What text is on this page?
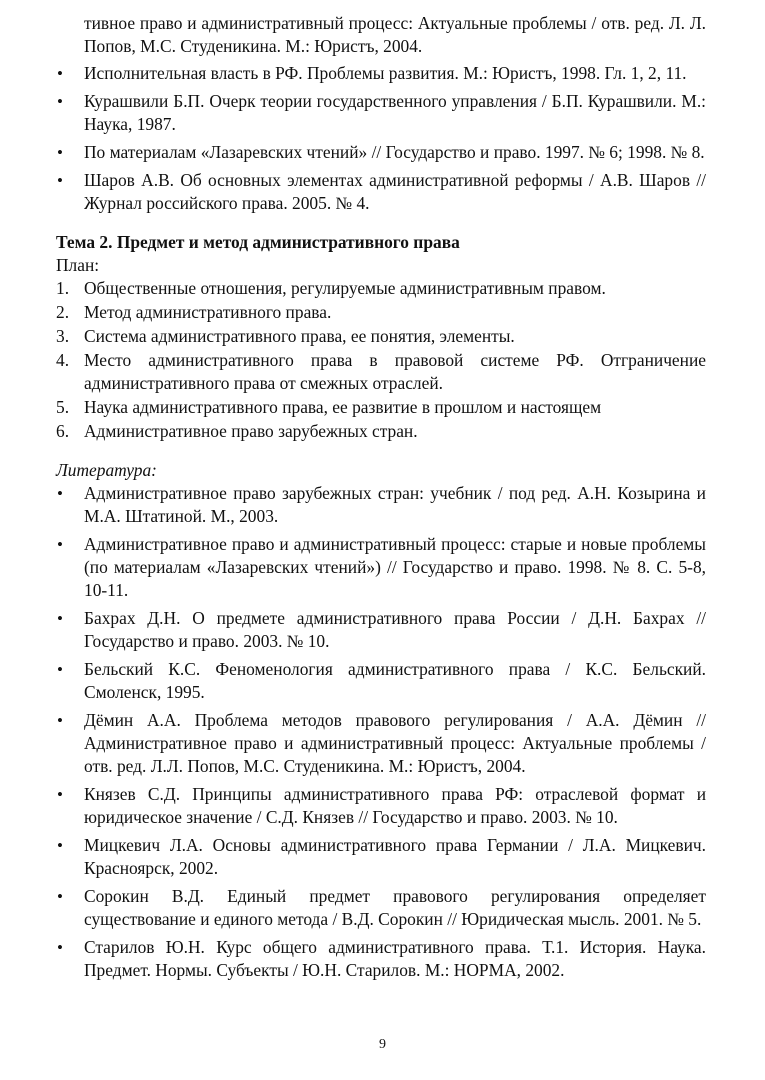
тивное право и административный процесс: Актуальные проблемы / отв. ред. Л. Л. Попов, М.С. Студеникина. М.: Юристъ, 2004.

• Исполнительная власть в РФ. Проблемы развития. М.: Юристъ, 1998. Гл. 1, 2, 11.
• Курашвили Б.П. Очерк теории государственного управления / Б.П. Курашвили. М.: Наука, 1987.
• По материалам «Лазаревских чтений» // Государство и право. 1997. № 6; 1998. № 8.
• Шаров А.В. Об основных элементах административной реформы / А.В. Шаров // Журнал российского права. 2005. № 4.

Тема 2. Предмет и метод административного права

План:

1. Общественные отношения, регулируемые административным правом.
2. Метод административного права.
3. Система административного права, ее понятия, элементы.
4. Место административного права в правовой системе РФ. Отграничение административного права от смежных отраслей.
5. Наука административного права, ее развитие в прошлом и настоящем
6. Административное право зарубежных стран.

Литература:

• Административное право зарубежных стран: учебник / под ред. А.Н. Козырина и М.А. Штатиной. М., 2003.
• Административное право и административный процесс: старые и новые проблемы (по материалам «Лазаревских чтений») // Государство и право. 1998. № 8. С. 5-8, 10-11.
• Бахрах Д.Н. О предмете административного права России / Д.Н. Бахрах // Государство и право. 2003. № 10.
• Бельский К.С. Феноменология административного права / К.С. Бельский. Смоленск, 1995.
• Дёмин А.А. Проблема методов правового регулирования / А.А. Дёмин // Административное право и административный процесс: Актуальные проблемы / отв. ред. Л.Л. Попов, М.С. Студеникина. М.: Юристъ, 2004.
• Князев С.Д. Принципы административного права РФ: отраслевой формат и юридическое значение / С.Д. Князев // Государство и право. 2003. № 10.
• Мицкевич Л.А. Основы административного права Германии / Л.А. Мицкевич. Красноярск, 2002.
• Сорокин В.Д. Единый предмет правового регулирования определяет существование и единого метода / В.Д. Сорокин // Юридическая мысль. 2001. № 5.
• Старилов Ю.Н. Курс общего административного права. Т.1. История. Наука. Предмет. Нормы. Субъекты / Ю.Н. Старилов. М.: НОРМА, 2002.
9
